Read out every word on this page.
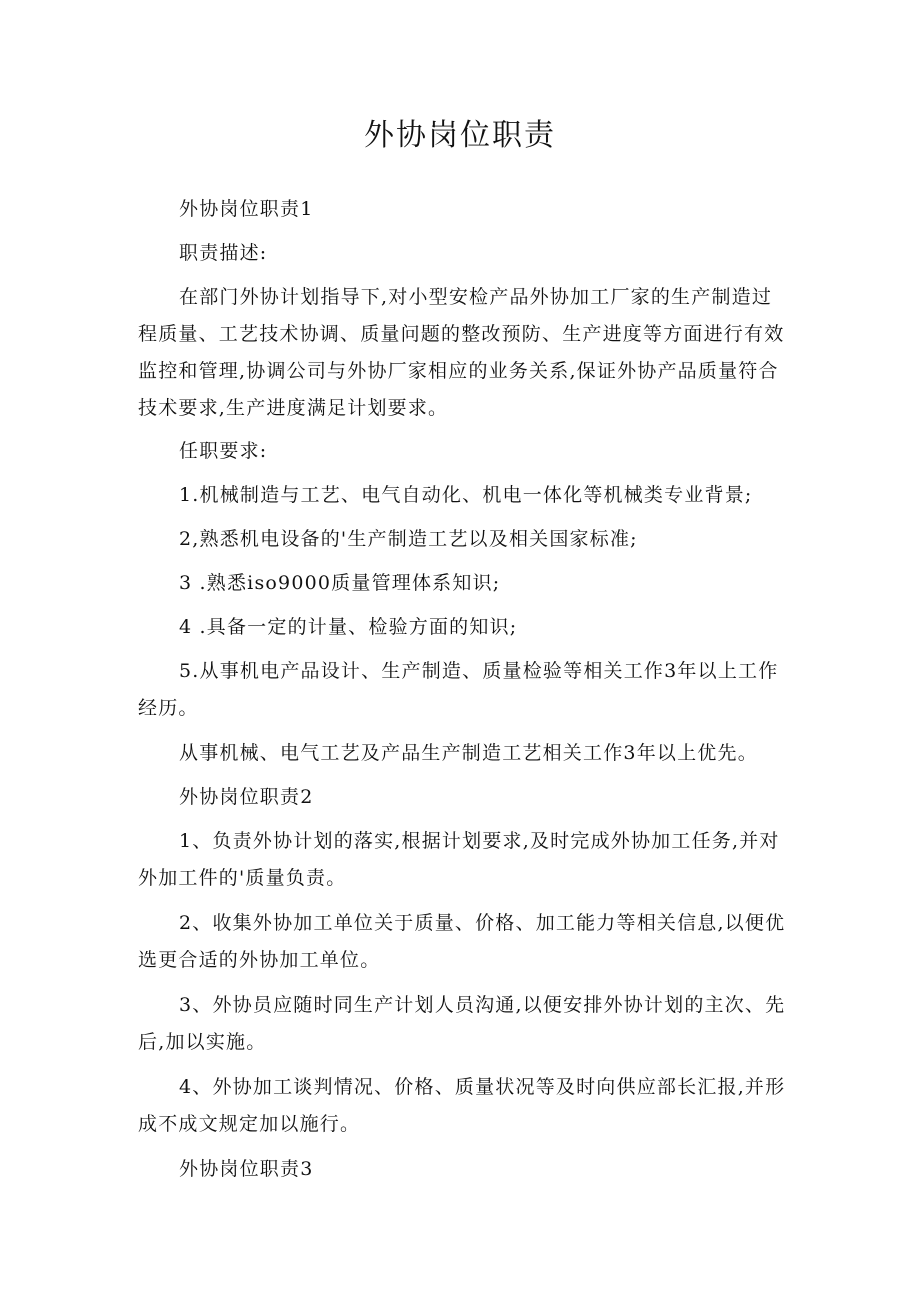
外协岗位职责

外协岗位职责1

职责描述:

在部门外协计划指导下,对小型安检产品外协加工厂家的生产制造过程质量、工艺技术协调、质量问题的整改预防、生产进度等方面进行有效监控和管理,协调公司与外协厂家相应的业务关系,保证外协产品质量符合技术要求,生产进度满足计划要求。

任职要求:

1.机械制造与工艺、电气自动化、机电一体化等机械类专业背景;

2,熟悉机电设备的'生产制造工艺以及相关国家标准;

3 .熟悉iso9000质量管理体系知识;

4 .具备一定的计量、检验方面的知识;

5.从事机电产品设计、生产制造、质量检验等相关工作3年以上工作经历。

从事机械、电气工艺及产品生产制造工艺相关工作3年以上优先。

外协岗位职责2

1、负责外协计划的落实,根据计划要求,及时完成外协加工任务,并对外加工件的'质量负责。

2、收集外协加工单位关于质量、价格、加工能力等相关信息,以便优选更合适的外协加工单位。

3、外协员应随时同生产计划人员沟通,以便安排外协计划的主次、先后,加以实施。

4、外协加工谈判情况、价格、质量状况等及时向供应部长汇报,并形成不成文规定加以施行。

外协岗位职责3
